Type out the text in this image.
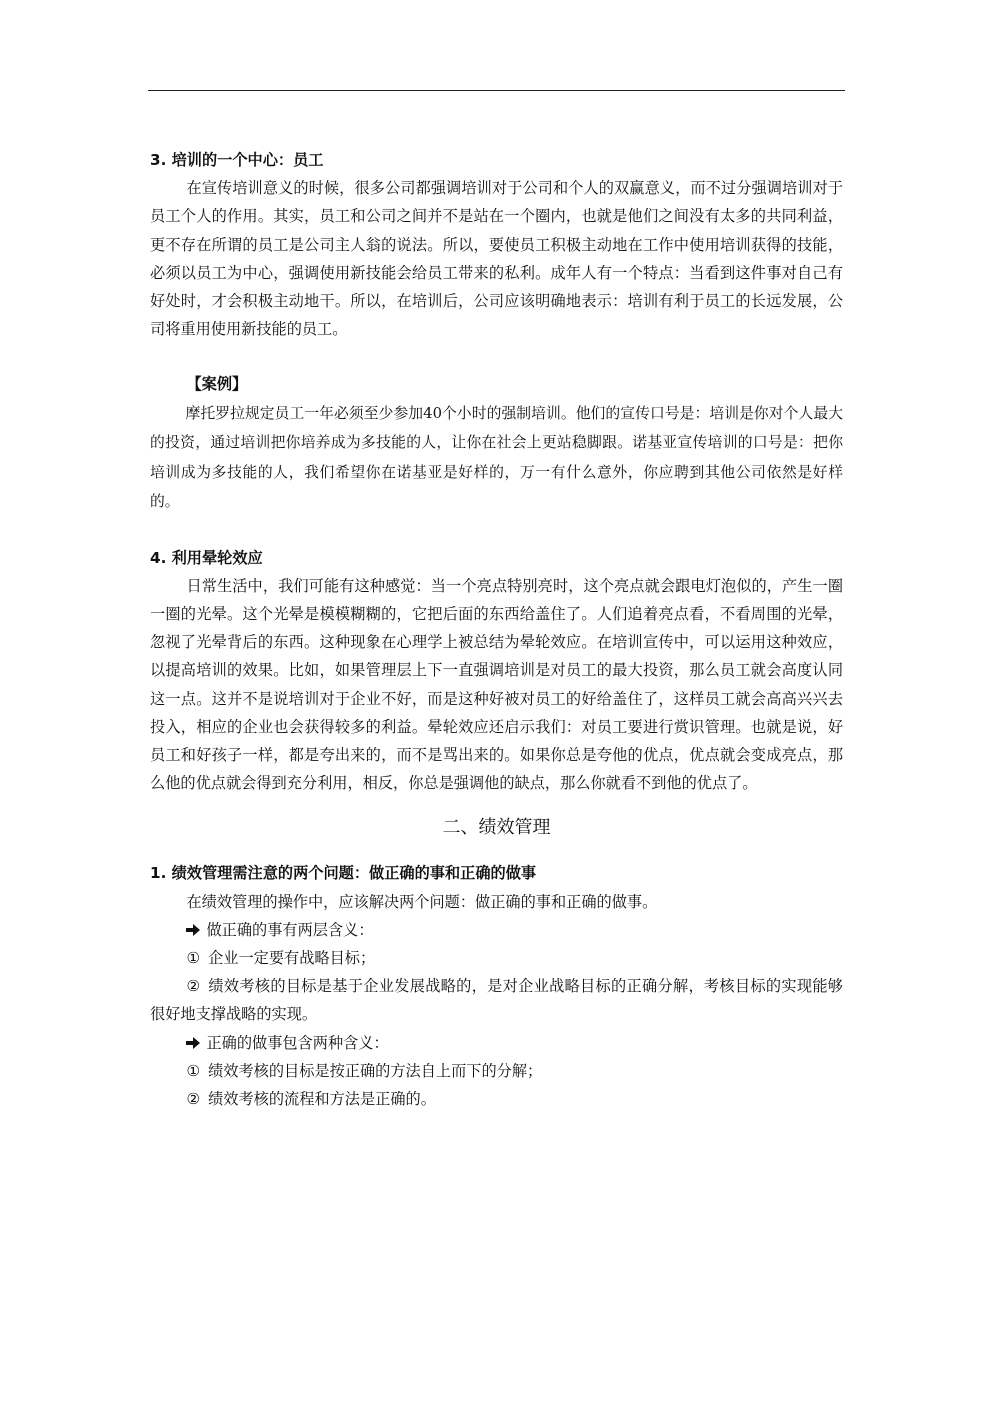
3. 培训的一个中心：员工

在宣传培训意义的时候，很多公司都强调培训对于公司和个人的双赢意义，而不过分强调培训对于员工个人的作用。其实，员工和公司之间并不是站在一个圈内，也就是他们之间没有太多的共同利益，更不存在所谓的员工是公司主人翁的说法。所以，要使员工积极主动地在工作中使用培训获得的技能，必须以员工为中心，强调使用新技能会给员工带来的私利。成年人有一个特点：当看到这件事对自己有好处时，才会积极主动地干。所以，在培训后，公司应该明确地表示：培训有利于员工的长远发展，公司将重用使用新技能的员工。

【案例】

摩托罗拉规定员工一年必须至少参加40个小时的强制培训。他们的宣传口号是：培训是你对个人最大的投资，通过培训把你培养成为多技能的人，让你在社会上更站稳脚跟。诺基亚宣传培训的口号是：把你培训成为多技能的人，我们希望你在诺基亚是好样的，万一有什么意外，你应聘到其他公司依然是好样的。

4. 利用晕轮效应

日常生活中，我们可能有这种感觉：当一个亮点特别亮时，这个亮点就会跟电灯泡似的，产生一圈一圈的光晕。这个光晕是模模糊糊的，它把后面的东西给盖住了。人们追着亮点看，不看周围的光晕，忽视了光晕背后的东西。这种现象在心理学上被总结为晕轮效应。在培训宣传中，可以运用这种效应，以提高培训的效果。比如，如果管理层上下一直强调培训是对员工的最大投资，那么员工就会高度认同这一点。这并不是说培训对于企业不好，而是这种好被对员工的好给盖住了，这样员工就会高高兴兴去投入，相应的企业也会获得较多的利益。晕轮效应还启示我们：对员工要进行赏识管理。也就是说，好员工和好孩子一样，都是夸出来的，而不是骂出来的。如果你总是夸他的优点，优点就会变成亮点，那么他的优点就会得到充分利用，相反，你总是强调他的缺点，那么你就看不到他的优点了。

二、绩效管理

1. 绩效管理需注意的两个问题：做正确的事和正确的做事

在绩效管理的操作中，应该解决两个问题：做正确的事和正确的做事。

做正确的事有两层含义：

① 企业一定要有战略目标；

② 绩效考核的目标是基于企业发展战略的，是对企业战略目标的正确分解，考核目标的实现能够很好地支撑战略的实现。

正确的做事包含两种含义：

① 绩效考核的目标是按正确的方法自上而下的分解；

② 绩效考核的流程和方法是正确的。
